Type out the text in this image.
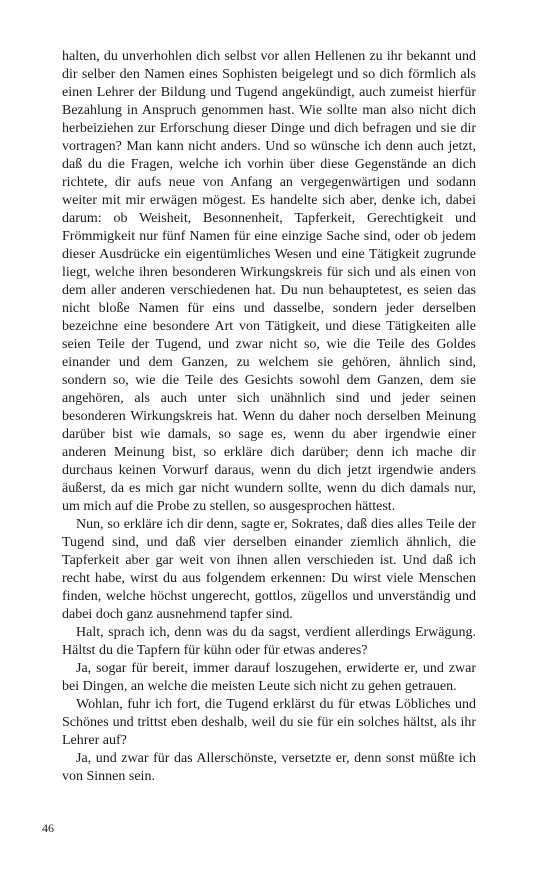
halten, du unverhohlen dich selbst vor allen Hellenen zu ihr bekannt und dir selber den Namen eines Sophisten beigelegt und so dich förmlich als einen Lehrer der Bildung und Tugend angekündigt, auch zumeist hierfür Bezahlung in Anspruch genommen hast. Wie sollte man also nicht dich herbeiziehen zur Erforschung dieser Dinge und dich befragen und sie dir vortragen? Man kann nicht anders. Und so wünsche ich denn auch jetzt, daß du die Fragen, welche ich vorhin über diese Gegenstände an dich richtete, dir aufs neue von Anfang an vergegenwärtigen und sodann weiter mit mir erwägen mögest. Es handelte sich aber, denke ich, dabei darum: ob Weisheit, Besonnenheit, Tapferkeit, Gerechtigkeit und Frömmigkeit nur fünf Namen für eine einzige Sache sind, oder ob jedem dieser Ausdrücke ein eigentümliches Wesen und eine Tätigkeit zugrunde liegt, welche ihren besonderen Wirkungskreis für sich und als einen von dem aller anderen verschiedenen hat. Du nun behauptetest, es seien das nicht bloße Namen für eins und dasselbe, sondern jeder derselben bezeichne eine besondere Art von Tätigkeit, und diese Tätigkeiten alle seien Teile der Tugend, und zwar nicht so, wie die Teile des Goldes einander und dem Ganzen, zu welchem sie gehören, ähnlich sind, sondern so, wie die Teile des Gesichts sowohl dem Ganzen, dem sie angehören, als auch unter sich unähnlich sind und jeder seinen besonderen Wirkungskreis hat. Wenn du daher noch derselben Meinung darüber bist wie damals, so sage es, wenn du aber irgendwie einer anderen Meinung bist, so erkläre dich darüber; denn ich mache dir durchaus keinen Vorwurf daraus, wenn du dich jetzt irgendwie anders äußerst, da es mich gar nicht wundern sollte, wenn du dich damals nur, um mich auf die Probe zu stellen, so ausgesprochen hättest.

Nun, so erkläre ich dir denn, sagte er, Sokrates, daß dies alles Teile der Tugend sind, und daß vier derselben einander ziemlich ähnlich, die Tapferkeit aber gar weit von ihnen allen verschieden ist. Und daß ich recht habe, wirst du aus folgendem erkennen: Du wirst viele Menschen finden, welche höchst ungerecht, gottlos, zügellos und unverständig und dabei doch ganz ausnehmend tapfer sind.

Halt, sprach ich, denn was du da sagst, verdient allerdings Erwägung. Hältst du die Tapfern für kühn oder für etwas anderes?

Ja, sogar für bereit, immer darauf loszugehen, erwiderte er, und zwar bei Dingen, an welche die meisten Leute sich nicht zu gehen getrauen.

Wohlan, fuhr ich fort, die Tugend erklärst du für etwas Löbliches und Schönes und trittst eben deshalb, weil du sie für ein solches hältst, als ihr Lehrer auf?

Ja, und zwar für das Allerschönste, versetzte er, denn sonst müßte ich von Sinnen sein.

46
